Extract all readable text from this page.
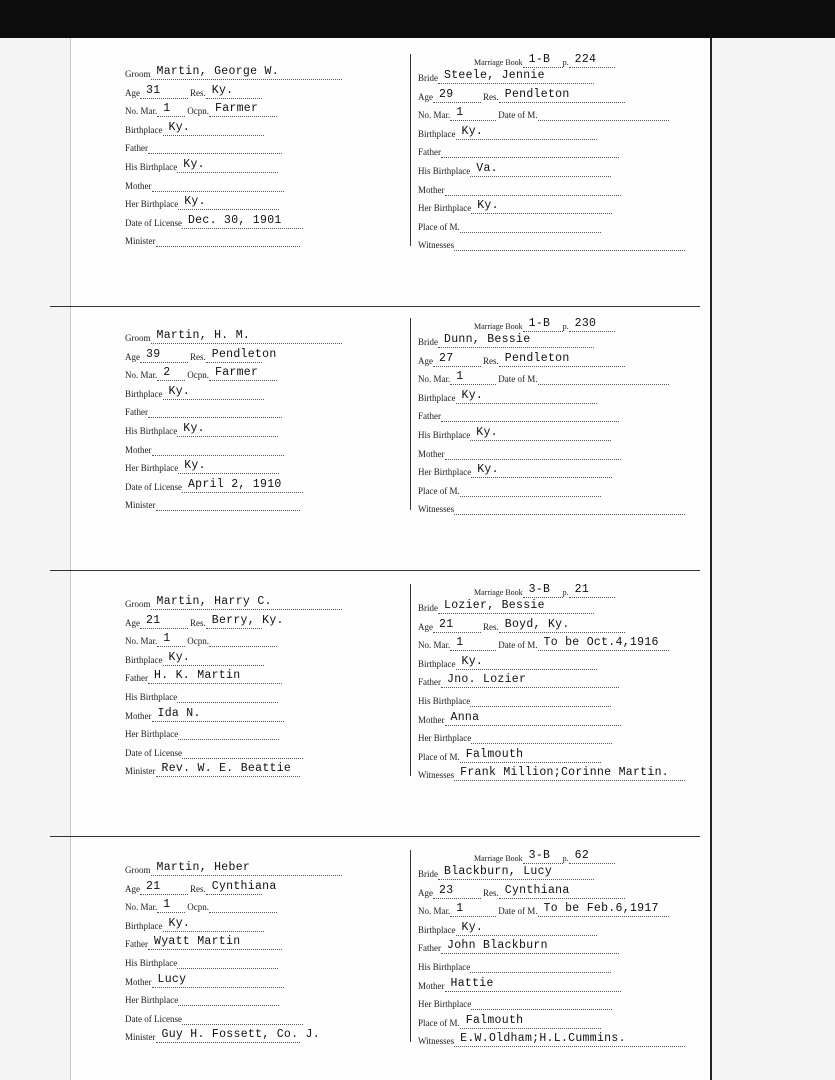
Marriage Book 1-B	p. 224
Groom Martin, George W.
Age 31	Res. Ky.
No. Mar. 1	Ocpn. Farmer
Birthplace Ky.
Father
His Birthplace Ky.
Mother
Her Birthplace Ky.
Date of License Dec. 30, 1901
Minister
Bride Steele, Jennie
Age 29	Res. Pendleton
No. Mar. 1	Date of M.
Birthplace Ky.
Father
His Birthplace Va.
Mother
Her Birthplace Ky.
Place of M.
Witnesses
Marriage Book 1-B	p. 230
Groom Martin, H. M.
Age 39	Res. Pendleton
No. Mar. 2	Ocpn. Farmer
Birthplace Ky.
Father
His Birthplace Ky.
Mother
Her Birthplace Ky.
Date of License April 2, 1910
Minister
Bride Dunn, Bessie
Age 27	Res. Pendleton
No. Mar. 1	Date of M.
Birthplace Ky.
Father
His Birthplace Ky.
Mother
Her Birthplace Ky.
Place of M.
Witnesses
Marriage Book 3-B	p. 21
Groom Martin, Harry C.
Age 21	Res. Berry, Ky.
No. Mar. 1	Ocpn.
Birthplace Ky.
Father H. K. Martin
His Birthplace
Mother Ida N.
Her Birthplace
Date of License
Minister Rev. W. E. Beattie
Bride Lozier, Bessie
Age 21	Res. Boyd, Ky.
No. Mar. 1	Date of M. To be Oct.4,1916
Birthplace Ky.
Father Jno. Lozier
His Birthplace
Mother Anna
Her Birthplace
Place of M. Falmouth
Witnesses Frank Million;Corinne Martin.
Marriage Book 3-B	p. 62
Groom Martin, Heber
Age 21	Res. Cynthiana
No. Mar. 1	Ocpn.
Birthplace Ky.
Father Wyatt Martin
His Birthplace
Mother Lucy
Her Birthplace
Date of License
Minister Guy H. Fossett, Co. J.
Bride Blackburn, Lucy
Age 23	Res. Cynthiana
No. Mar. 1	Date of M. To be Feb.6,1917
Birthplace Ky.
Father John Blackburn
His Birthplace
Mother Hattie
Her Birthplace
Place of M. Falmouth
Witnesses E.W.Oldham;H.L.Cummins.
